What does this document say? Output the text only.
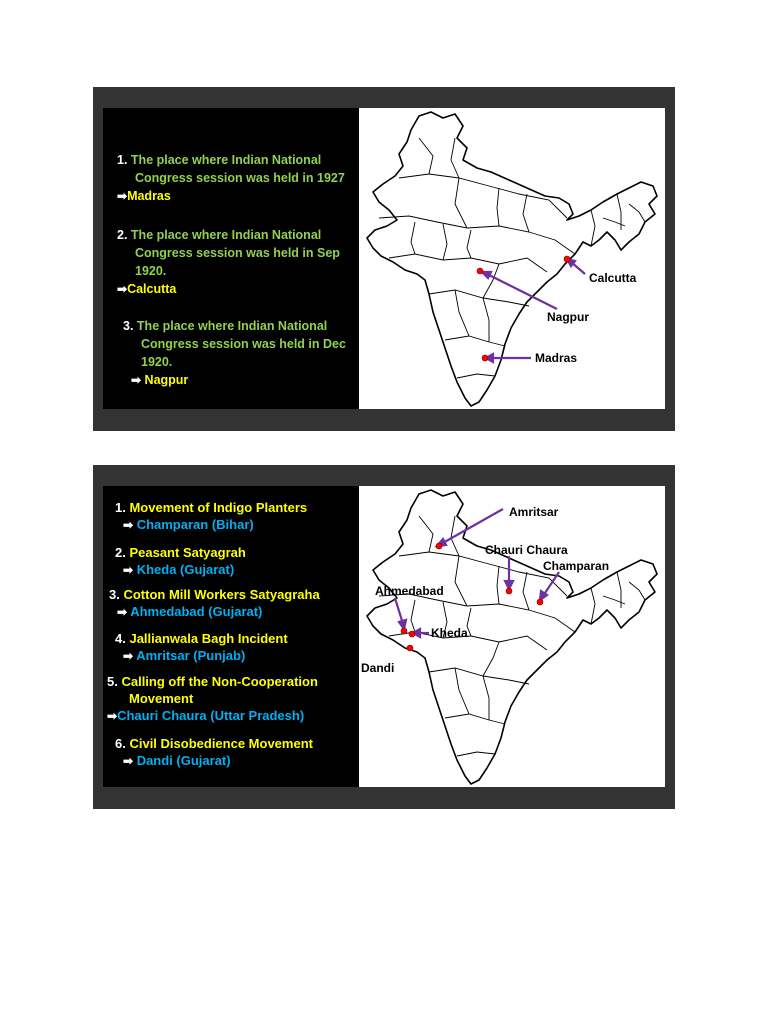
1. The place where Indian National
Congress session was held in 1927
➡Madras
2. The place where Indian National
Congress session was held in Sep
1920.
➡Calcutta
3. The place where Indian National
Congress session was held in Dec
1920.
➡ Nagpur
Calcutta
Nagpur
Madras
1. Movement of Indigo Planters
➡ Champaran (Bihar)
2. Peasant Satyagrah
➡ Kheda (Gujarat)
3. Cotton Mill Workers Satyagraha
➡ Ahmedabad (Gujarat)
4. Jallianwala Bagh Incident
➡ Amritsar (Punjab)
5. Calling off the Non-Cooperation
Movement
➡Chauri Chaura (Uttar Pradesh)
6. Civil Disobedience Movement
➡ Dandi (Gujarat)
Amritsar
Chauri Chaura
Champaran
Ahmedabad
Kheda
Dandi
